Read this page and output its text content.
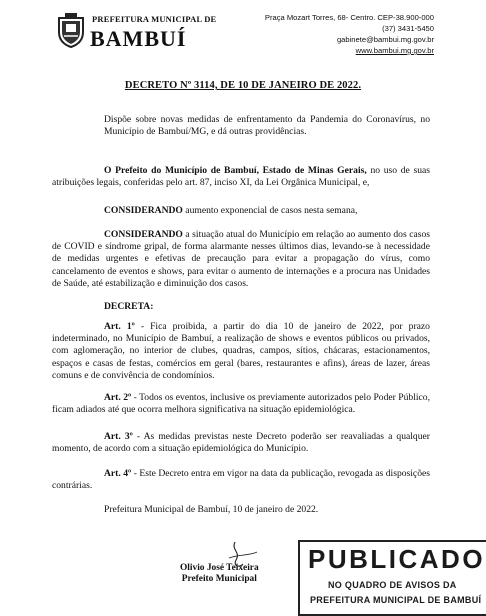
PREFEITURA MUNICIPAL DE
BAMBUÍ
Praça Mozart Torres, 68- Centro. CEP-38.900-000
(37) 3431-5450
gabinete@bambui.mg.gov.br
www.bambui.mg.gov.br
DECRETO Nº 3114, DE 10 DE JANEIRO DE 2022.
Dispõe sobre novas medidas de enfrentamento da Pandemia do Coronavírus, no Município de Bambuí/MG, e dá outras providências.
O Prefeito do Município de Bambuí, Estado de Minas Gerais, no uso de suas atribuições legais, conferidas pelo art. 87, inciso XI, da Lei Orgânica Municipal, e,
CONSIDERANDO aumento exponencial de casos nesta semana,
CONSIDERANDO a situação atual do Município em relação ao aumento dos casos de COVID e síndrome gripal, de forma alarmante nesses últimos dias, levando-se à necessidade de medidas urgentes e efetivas de precaução para evitar a propagação do vírus, como cancelamento de eventos e shows, para evitar o aumento de internações e a procura nas Unidades de Saúde, até estabilização e diminuição dos casos.
DECRETA:
Art. 1º - Fica proibida, a partir do dia 10 de janeiro de 2022, por prazo indeterminado, no Município de Bambuí, a realização de shows e eventos públicos ou privados, com aglomeração, no interior de clubes, quadras, campos, sítios, chácaras, estacionamentos, espaços e casas de festas, comércios em geral (bares, restaurantes e afins), áreas de lazer, áreas comuns e de convivência de condomínios.
Art. 2º - Todos os eventos, inclusive os previamente autorizados pelo Poder Público, ficam adiados até que ocorra melhora significativa na situação epidemiológica.
Art. 3º - As medidas previstas neste Decreto poderão ser reavaliadas a qualquer momento, de acordo com a situação epidemiológica do Município.
Art. 4º - Este Decreto entra em vigor na data da publicação, revogada as disposições contrárias.
Prefeitura Municipal de Bambuí, 10 de janeiro de 2022.
Olivio José Teixeira
Prefeito Municipal
PUBLICADO
NO QUADRO DE AVISOS DA
PREFEITURA MUNICIPAL DE BAMBUÍ
